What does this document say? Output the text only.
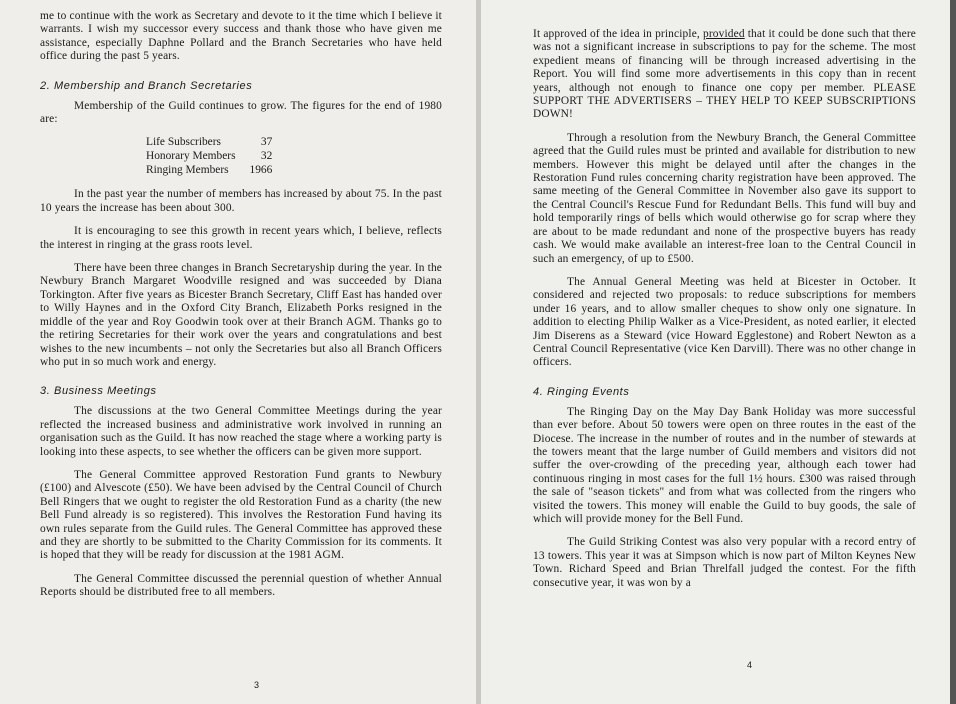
me to continue with the work as Secretary and devote to it the time which I believe it warrants. I wish my successor every success and thank those who have given me assistance, especially Daphne Pollard and the Branch Secretaries who have held office during the past 5 years.

2. Membership and Branch Secretaries

Membership of the Guild continues to grow. The figures for the end of 1980 are:

Life Subscribers	37
Honorary Members	32
Ringing Members	1966

In the past year the number of members has increased by about 75. In the past 10 years the increase has been about 300.

It is encouraging to see this growth in recent years which, I believe, reflects the interest in ringing at the grass roots level.

There have been three changes in Branch Secretaryship during the year. In the Newbury Branch Margaret Woodville resigned and was succeeded by Diana Torkington. After five years as Bicester Branch Secretary, Cliff East has handed over to Willy Haynes and in the Oxford City Branch, Elizabeth Porks resigned in the middle of the year and Roy Goodwin took over at their Branch AGM. Thanks go to the retiring Secretaries for their work over the years and congratulations and best wishes to the new incumbents – not only the Secretaries but also all Branch Officers who put in so much work and energy.

3. Business Meetings

The discussions at the two General Committee Meetings during the year reflected the increased business and administrative work involved in running an organisation such as the Guild. It has now reached the stage where a working party is looking into these aspects, to see whether the officers can be given more support.

The General Committee approved Restoration Fund grants to Newbury (£100) and Alvescote (£50). We have been advised by the Central Council of Church Bell Ringers that we ought to register the old Restoration Fund as a charity (the new Bell Fund already is so registered). This involves the Restoration Fund having its own rules separate from the Guild rules. The General Committee has approved these and they are shortly to be submitted to the Charity Commission for its comments. It is hoped that they will be ready for discussion at the 1981 AGM.

The General Committee discussed the perennial question of whether Annual Reports should be distributed free to all members.

3

It approved of the idea in principle, provided that it could be done such that there was not a significant increase in subscriptions to pay for the scheme. The most expedient means of financing will be through increased advertising in the Report. You will find some more advertisements in this copy than in recent years, although not enough to finance one copy per member. PLEASE SUPPORT THE ADVERTISERS – THEY HELP TO KEEP SUBSCRIPTIONS DOWN!

Through a resolution from the Newbury Branch, the General Committee agreed that the Guild rules must be printed and available for distribution to new members. However this might be delayed until after the changes in the Restoration Fund rules concerning charity registration have been approved. The same meeting of the General Committee in November also gave its support to the Central Council's Rescue Fund for Redundant Bells. This fund will buy and hold temporarily rings of bells which would otherwise go for scrap where they are about to be made redundant and none of the prospective buyers has ready cash. We would make available an interest-free loan to the Central Council in such an emergency, of up to £500.

The Annual General Meeting was held at Bicester in October. It considered and rejected two proposals: to reduce subscriptions for members under 16 years, and to allow smaller cheques to show only one signature. In addition to electing Philip Walker as a Vice-President, as noted earlier, it elected Jim Diserens as a Steward (vice Howard Egglestone) and Robert Newton as a Central Council Representative (vice Ken Darvill). There was no other change in officers.

4. Ringing Events

The Ringing Day on the May Day Bank Holiday was more successful than ever before. About 50 towers were open on three routes in the east of the Diocese. The increase in the number of routes and in the number of stewards at the towers meant that the large number of Guild members and visitors did not suffer the over-crowding of the preceding year, although each tower had continuous ringing in most cases for the full 1½ hours. £300 was raised through the sale of "season tickets" and from what was collected from the ringers who visited the towers. This money will enable the Guild to buy goods, the sale of which will provide money for the Bell Fund.

The Guild Striking Contest was also very popular with a record entry of 13 towers. This year it was at Simpson which is now part of Milton Keynes New Town. Richard Speed and Brian Threlfall judged the contest. For the fifth consecutive year, it was won by a

4
